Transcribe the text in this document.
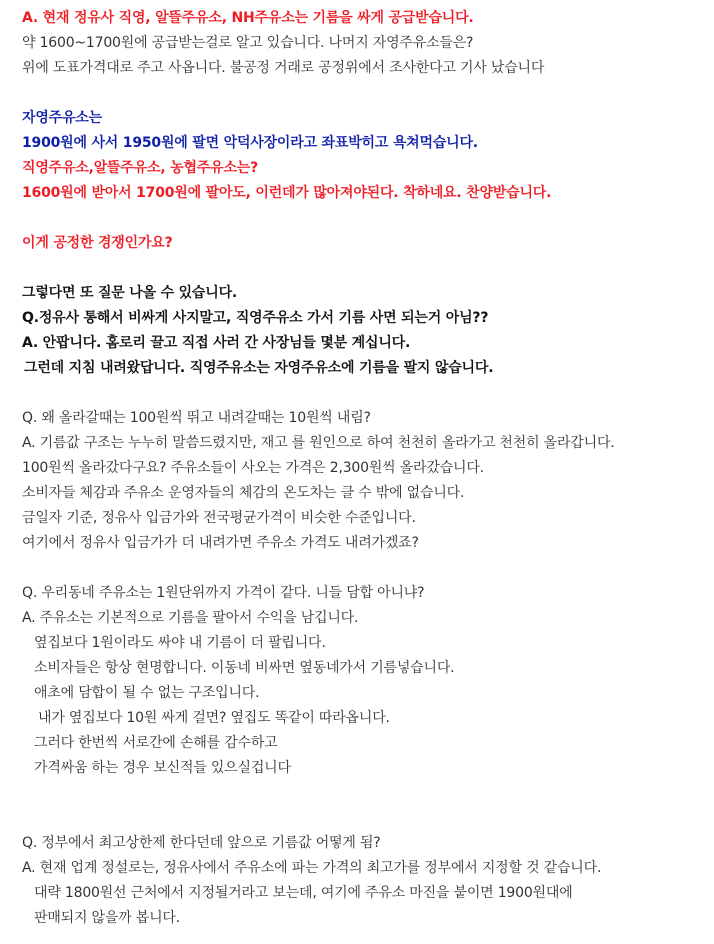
A. 현재 정유사 직영, 알뜰주유소, NH주유소는 기름을 싸게 공급받습니다.
약 1600~1700원에 공급받는걸로 알고 있습니다. 나머지 자영주유소들은?
위에 도표가격대로 주고 사옵니다. 불공정 거래로 공정위에서 조사한다고 기사 났습니다
자영주유소는
1900원에 사서 1950원에 팔면 악덕사장이라고 좌표박히고 욕쳐먹습니다.
직영주유소,알뜰주유소, 농협주유소는?
1600원에 받아서 1700원에 팔아도, 이런데가 많아져야된다. 착하네요. 찬양받습니다.
이게 공정한 경쟁인가요?
그렇다면 또 질문 나올 수 있습니다.
Q.정유사 통해서 비싸게 사지말고, 직영주유소 가서 기름 사면 되는거 아님??
A. 안팝니다. 홈로리 끌고 직접 사러 간 사장님들 몇분 계십니다.
그런데 지침 내려왔답니다. 직영주유소는 자영주유소에 기름을 팔지 않습니다.
Q. 왜 올라갈때는 100원씩 뛰고 내려갈때는 10원씩 내림?
A. 기름값 구조는 누누히 말씀드렸지만, 재고 를 원인으로 하여 천천히 올라가고 천천히 올라갑니다.
100원씩 올라갔다구요? 주유소들이 사오는 가격은 2,300원씩 올라갔습니다.
소비자들 체감과 주유소 운영자들의 체감의 온도차는 클 수 밖에 없습니다.
금일자 기준, 정유사 입금가와 전국평균가격이 비슷한 수준입니다.
여기에서 정유사 입금가가 더 내려가면 주유소 가격도 내려가겠죠?
Q. 우리동네 주유소는 1원단위까지 가격이 같다. 니들 담합 아니냐?
A. 주유소는 기본적으로 기름을 팔아서 수익을 남깁니다.
옆집보다 1원이라도 싸야 내 기름이 더 팔립니다.
소비자들은 항상 현명합니다. 이동네 비싸면 옆동네가서 기름넣습니다.
애초에 담합이 될 수 없는 구조입니다.
내가 옆집보다 10원 싸게 걸면? 옆집도 똑같이 따라옵니다.
그러다 한번씩 서로간에 손해를 감수하고
가격싸움 하는 경우 보신적들 있으실겁니다
Q. 정부에서 최고상한제 한다던데 앞으로 기름값 어떻게 됨?
A. 현재 업계 정설로는, 정유사에서 주유소에 파는 가격의 최고가를 정부에서 지정할 것 같습니다.
대략 1800원선 근처에서 지정될거라고 보는데, 여기에 주유소 마진을 붙이면 1900원대에
판매되지 않을까 봅니다.
